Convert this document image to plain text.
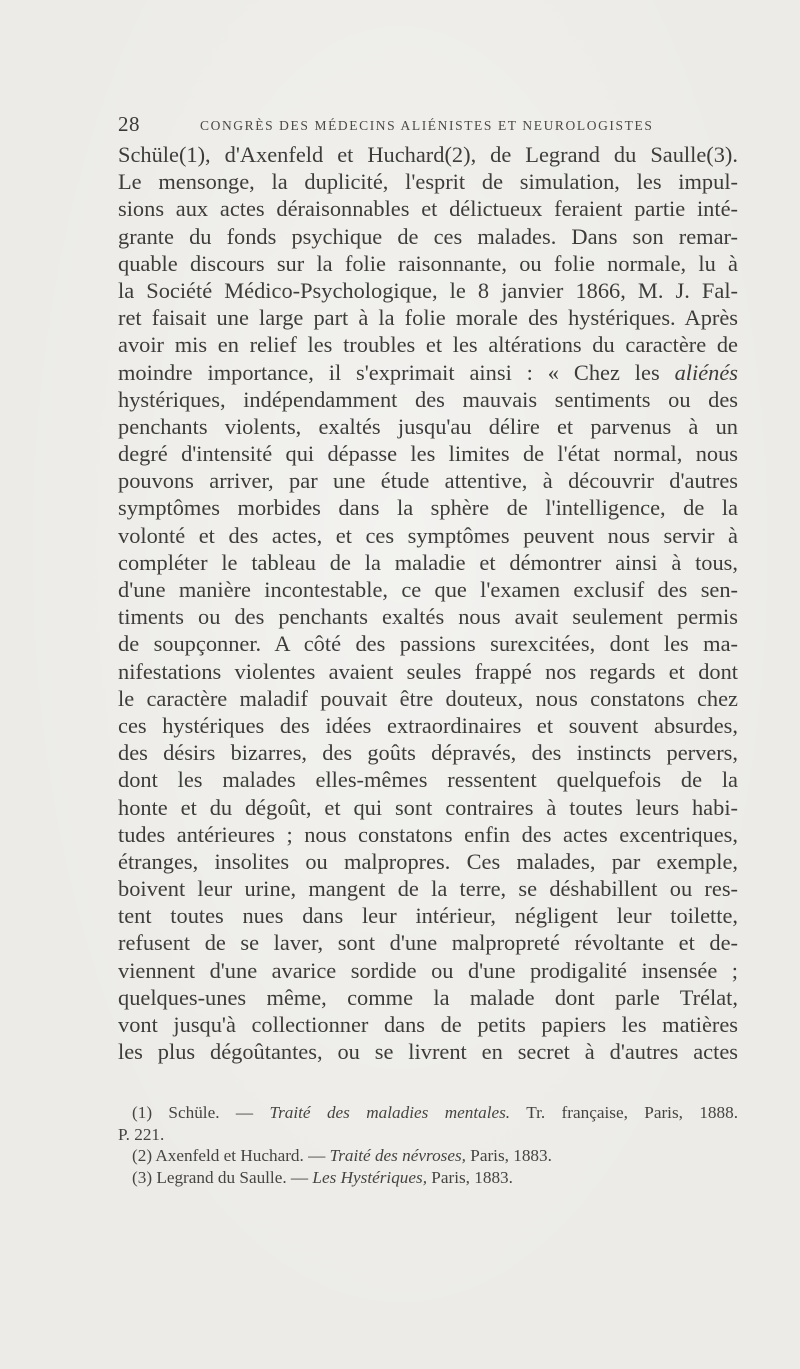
28	CONGRÈS DES MÉDECINS ALIÉNISTES ET NEUROLOGISTES
Schüle(1), d'Axenfeld et Huchard(2), de Legrand du Saulle(3).
Le mensonge, la duplicité, l'esprit de simulation, les impul-
sions aux actes déraisonnables et délictueux feraient partie inté-
grante du fonds psychique de ces malades. Dans son remar-
quable discours sur la folie raisonnante, ou folie normale, lu à
la Société Médico-Psychologique, le 8 janvier 1866, M. J. Fal-
ret faisait une large part à la folie morale des hystériques. Après
avoir mis en relief les troubles et les altérations du caractère de
moindre importance, il s'exprimait ainsi : « Chez les aliénés
hystériques, indépendamment des mauvais sentiments ou des
penchants violents, exaltés jusqu'au délire et parvenus à un
degré d'intensité qui dépasse les limites de l'état normal, nous
pouvons arriver, par une étude attentive, à découvrir d'autres
symptômes morbides dans la sphère de l'intelligence, de la
volonté et des actes, et ces symptômes peuvent nous servir à
compléter le tableau de la maladie et démontrer ainsi à tous,
d'une manière incontestable, ce que l'examen exclusif des sen-
timents ou des penchants exaltés nous avait seulement permis
de soupçonner. A côté des passions surexcitées, dont les ma-
nifestations violentes avaient seules frappé nos regards et dont
le caractère maladif pouvait être douteux, nous constatons chez
ces hystériques des idées extraordinaires et souvent absurdes,
des désirs bizarres, des goûts dépravés, des instincts pervers,
dont les malades elles-mêmes ressentent quelquefois de la
honte et du dégoût, et qui sont contraires à toutes leurs habi-
tudes antérieures ; nous constatons enfin des actes excentriques,
étranges, insolites ou malpropres. Ces malades, par exemple,
boivent leur urine, mangent de la terre, se déshabillent ou res-
tent toutes nues dans leur intérieur, négligent leur toilette,
refusent de se laver, sont d'une malpropreté révoltante et de-
viennent d'une avarice sordide ou d'une prodigalité insensée ;
quelques-unes même, comme la malade dont parle Trélat,
vont jusqu'à collectionner dans de petits papiers les matières
les plus dégoûtantes, ou se livrent en secret à d'autres actes
(1) Schüle. — Traité des maladies mentales. Tr. française, Paris, 1888.
P. 221.
(2) Axenfeld et Huchard. — Traité des névroses, Paris, 1883.
(3) Legrand du Saulle. — Les Hystériques, Paris, 1883.
